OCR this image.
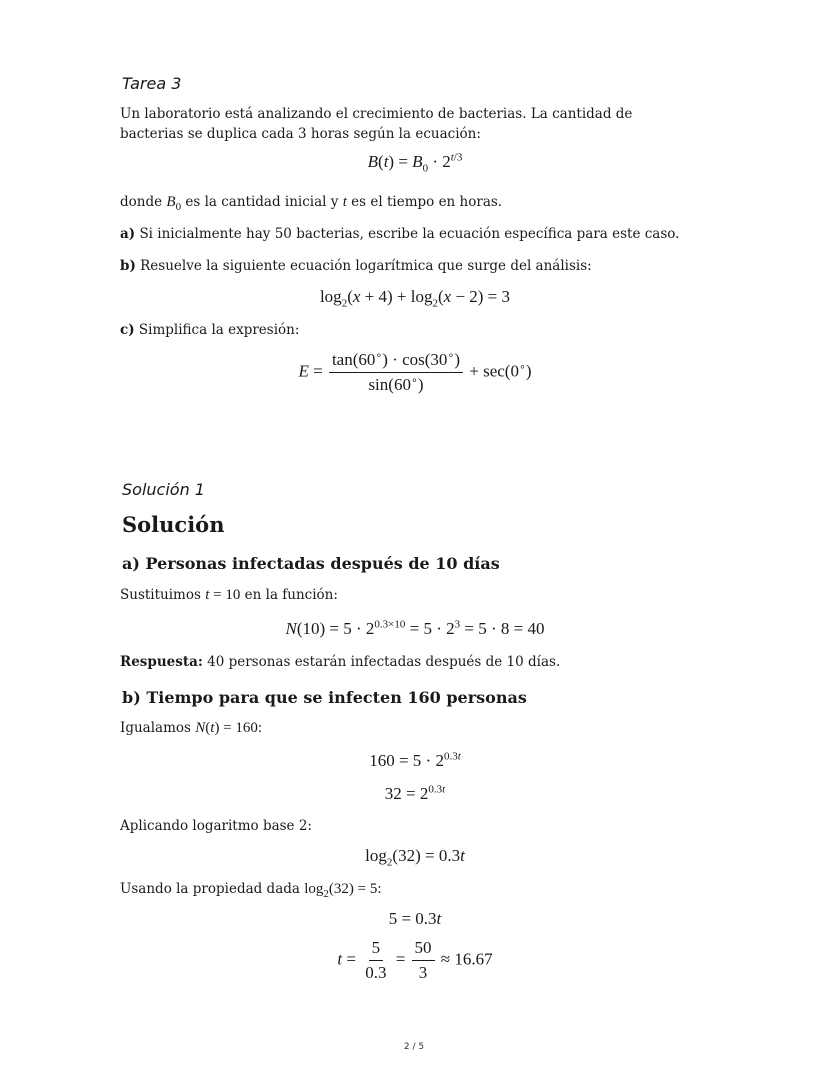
Tarea 3
Un laboratorio está analizando el crecimiento de bacterias. La cantidad de bacterias se duplica cada 3 horas según la ecuación:
$B(t) = B_0 \cdot 2^{t/3}$
donde $B_0$ es la cantidad inicial y t es el tiempo en horas.
a) Si inicialmente hay 50 bacterias, escribe la ecuación específica para este caso.
b) Resuelve la siguiente ecuación logarítmica que surge del análisis:
$\log_2(x + 4) + \log_2(x - 2) = 3$
c) Simplifica la expresión:
$E = \frac{\tan(60^\circ) \cdot \cos(30^\circ)}{\sin(60^\circ)} + \sec(0^\circ)$
Solución 1
Solución
a) Personas infectadas después de 10 días
Sustituimos t = 10 en la función:
$N(10) = 5 \cdot 2^{0.3\times 10} = 5 \cdot 2^3 = 5 \cdot 8 = 40$
Respuesta: 40 personas estarán infectadas después de 10 días.
b) Tiempo para que se infecten 160 personas
Igualamos N(t) = 160:
$160 = 5 \cdot 2^{0.3t}$
$32 = 2^{0.3t}$
Aplicando logaritmo base 2:
$\log_2(32) = 0.3t$
Usando la propiedad dada $\log_2(32) = 5$:
5 = 0.3t
$t = \frac{5}{0.3} = \frac{50}{3} \approx 16.67$
2 / 5
